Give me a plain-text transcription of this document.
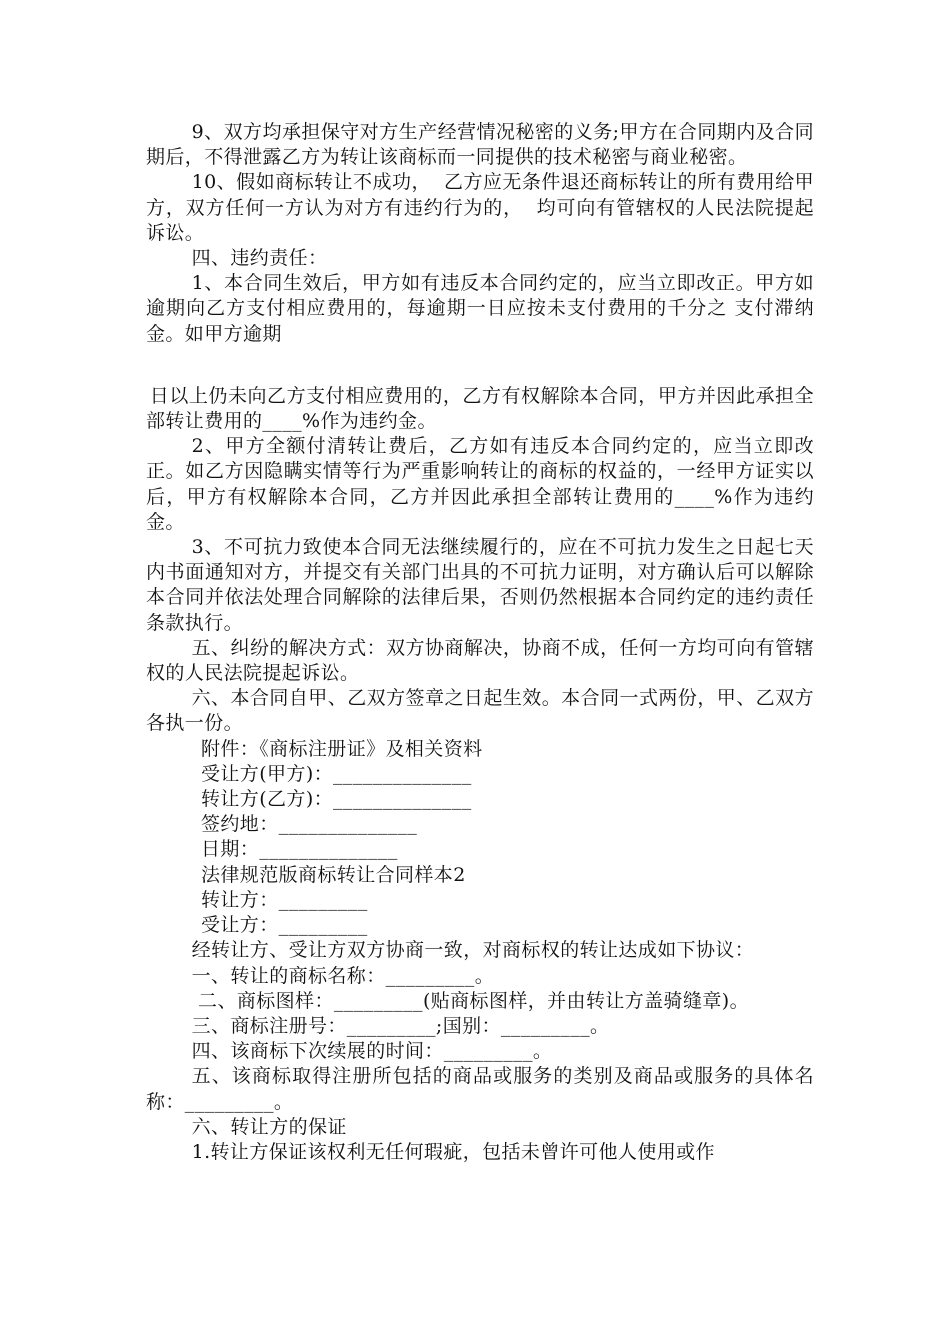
9、双方均承担保守对方生产经营情况秘密的义务;甲方在合同期内及合同期后，不得泄露乙方为转让该商标而一同提供的技术秘密与商业秘密。

10、假如商标转让不成功，  乙方应无条件退还商标转让的所有费用给甲方，双方任何一方认为对方有违约行为的，  均可向有管辖权的人民法院提起诉讼。

四、违约责任：

1、本合同生效后，甲方如有违反本合同约定的，应当立即改正。甲方如逾期向乙方支付相应费用的，每逾期一日应按未支付费用的千分之 支付滞纳金。如甲方逾期

日以上仍未向乙方支付相应费用的，乙方有权解除本合同，甲方并因此承担全部转让费用的____%作为违约金。

2、甲方全额付清转让费后，乙方如有违反本合同约定的，应当立即改正。如乙方因隐瞒实情等行为严重影响转让的商标的权益的，一经甲方证实以后，甲方有权解除本合同，乙方并因此承担全部转让费用的____%作为违约金。

3、不可抗力致使本合同无法继续履行的，应在不可抗力发生之日起七天内书面通知对方，并提交有关部门出具的不可抗力证明，对方确认后可以解除本合同并依法处理合同解除的法律后果，否则仍然根据本合同约定的违约责任条款执行。

五、纠纷的解决方式：双方协商解决，协商不成，任何一方均可向有管辖权的人民法院提起诉讼。

六、本合同自甲、乙双方签章之日起生效。本合同一式两份，甲、乙双方各执一份。

附件：《商标注册证》及相关资料

受让方(甲方)：______________

转让方(乙方)：______________

签约地：______________

日期：______________

法律规范版商标转让合同样本2

转让方：_________

受让方：_________

经转让方、受让方双方协商一致，对商标权的转让达成如下协议：

一、转让的商标名称：_________。

二、商标图样：_________(贴商标图样，并由转让方盖骑缝章)。

三、商标注册号：_________;国别：_________。

四、该商标下次续展的时间：_________。

五、该商标取得注册所包括的商品或服务的类别及商品或服务的具体名称：_________。

六、转让方的保证

1.转让方保证该权利无任何瑕疵，包括未曾许可他人使用或作
